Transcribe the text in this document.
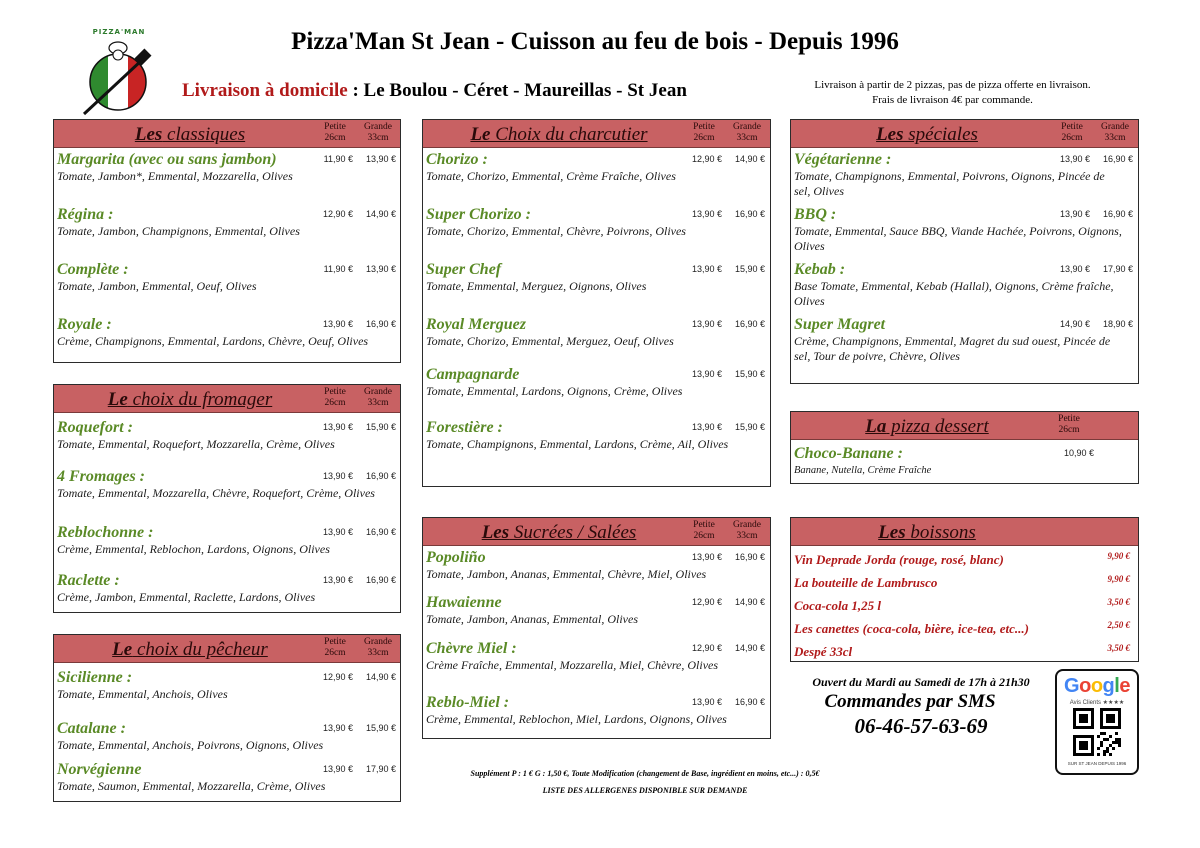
PIZZA'MAN	Pizza'Man St Jean - Cuisson au feu de bois - Depuis 1996
Livraison à domicile : Le Boulou - Céret - Maureillas - St Jean	Livraison à partir de 2 pizzas, pas de pizza offerte en livraison.
Frais de livraison 4€ par commande.
Les classiques	Petite
26cm
Grande
33cm
Margarita (avec ou sans jambon)
Tomate, Jambon*, Emmental, Mozzarella, Olives
11,90 €	13,90 €
Régina :
Tomate, Jambon, Champignons, Emmental, Olives
12,90 €	14,90 €
Complète :
Tomate, Jambon, Emmental, Oeuf, Olives
11,90 €	13,90 €
Royale :
Crème, Champignons, Emmental, Lardons, Chèvre, Oeuf, Olives
13,90 €	16,90 €
Le choix du fromager	Petite
26cm
Grande
33cm
Roquefort :
Tomate, Emmental, Roquefort, Mozzarella, Crème, Olives
13,90 €	15,90 €
4 Fromages :
Tomate, Emmental, Mozzarella, Chèvre, Roquefort, Crème, Olives
13,90 €	16,90 €
Reblochonne :
Crème, Emmental, Reblochon, Lardons, Oignons, Olives
13,90 €	16,90 €
Raclette :
Crème, Jambon, Emmental, Raclette, Lardons, Olives
13,90 €	16,90 €
Le choix du pêcheur	Petite
26cm
Grande
33cm
Sicilienne :
Tomate, Emmental, Anchois, Olives
12,90 €	14,90 €
Catalane :
Tomate, Emmental, Anchois, Poivrons, Oignons, Olives
13,90 €	15,90 €
Norvégienne
Tomate, Saumon, Emmental, Mozzarella, Crème, Olives
13,90 €	17,90 €
Le Choix du charcutier	Petite
26cm
Grande
33cm
Chorizo :
Tomate, Chorizo, Emmental, Crème Fraîche, Olives
12,90 €	14,90 €
Super Chorizo :
Tomate, Chorizo, Emmental, Chèvre, Poivrons, Olives
13,90 €	16,90 €
Super Chef
Tomate, Emmental, Merguez, Oignons, Olives
13,90 €	15,90 €
Royal Merguez
Tomate, Chorizo, Emmental, Merguez, Oeuf, Olives
13,90 €	16,90 €
Campagnarde
Tomate, Emmental, Lardons, Oignons, Crème, Olives
13,90 €	15,90 €
Forestière :
Tomate, Champignons, Emmental, Lardons, Crème, Ail, Olives
13,90 €	15,90 €
Les Sucrées / Salées	Petite
26cm
Grande
33cm
Popoliño
Tomate, Jambon, Ananas, Emmental, Chèvre, Miel, Olives
13,90 €	16,90 €
Hawaienne
Tomate, Jambon, Ananas, Emmental, Olives
12,90 €	14,90 €
Chèvre Miel :
Crème Fraîche, Emmental, Mozzarella, Miel, Chèvre, Olives
12,90 €	14,90 €
Reblo-Miel :
Crème, Emmental, Reblochon, Miel, Lardons, Oignons, Olives
13,90 €	16,90 €
Les spéciales	Petite
26cm
Grande
33cm
Végétarienne :
Tomate, Champignons, Emmental, Poivrons, Oignons, Pincée de sel, Olives
13,90 €	16,90 €
BBQ :
Tomate, Emmental, Sauce BBQ, Viande Hachée, Poivrons, Oignons, Olives
13,90 €	16,90 €
Kebab :
Base Tomate, Emmental, Kebab (Hallal), Oignons, Crème fraîche, Olives
13,90 €	17,90 €
Super Magret
Crème, Champignons, Emmental, Magret du sud ouest, Pincée de sel, Tour de poivre, Chèvre, Olives
14,90 €	18,90 €
La pizza dessert	Petite
26cm
Choco-Banane :
Banane, Nutella, Crème Fraîche
10,90 €
Les boissons
Vin Deprade Jorda (rouge, rosé, blanc)	9,90 €
La bouteille de Lambrusco	9,90 €
Coca-cola 1,25 l	3,50 €
Les canettes (coca-cola, bière, ice-tea, etc...)	2,50 €
Despé 33cl	3,50 €
Ouvert du Mardi au Samedi de 17h à 21h30
Commandes par SMS
06-46-57-63-69
Google
Avis Clients ★★★★
SUR ST JEAN DEPUIS 1996
Supplément P : 1 € G : 1,50 €, Toute Modification (changement de Base, ingrédient en moins, etc...) : 0,5€
LISTE DES ALLERGENES DISPONIBLE SUR DEMANDE
